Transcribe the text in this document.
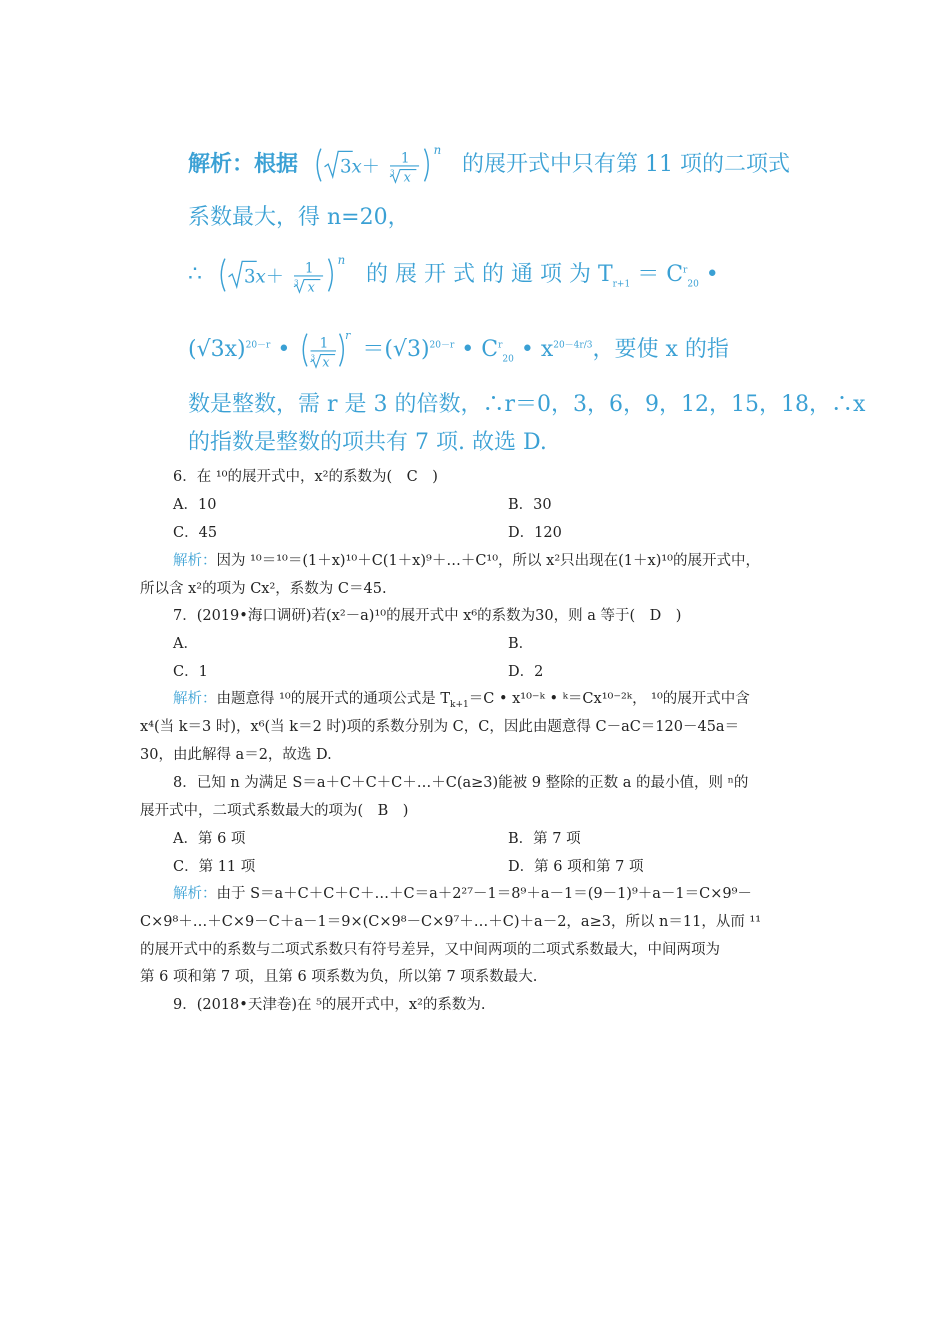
解析：根据 3x＋ 1
x
3
n
的展开式中只有第 11 项的二项式
系数最大，得 n=20，
∴ 3x＋ 1
x
3
n
的 展 开 式 的 通 项 为 $T_{r+1} = C^r_{20}$ •
$(√3x)^{20-r}$ • 1
x
3
r
$=(√3)^{20-r}$ • $C^r_{20}$ • $x^{20-4r/3}$，要使 x 的指
数是整数，需 r 是 3 的倍数，∴r＝0，3，6，9，12，15，18，∴x
的指数是整数的项共有 7 项. 故选 D.
6．在 ¹⁰的展开式中，x²的系数为(　C　)
A．10	B．30
C．45	D．120
解析：因为 ¹⁰＝¹⁰＝(1＋x)¹⁰＋C(1＋x)⁹＋…＋C¹⁰，所以 x²只出现在(1＋x)¹⁰的展开式中，
所以含 x²的项为 Cx²，系数为 C＝45.
7．(2019•海口调研)若(x²－a)¹⁰的展开式中 x⁶的系数为30，则 a 等于(　D　)
A．	B．
C．1	D．2
解析：由题意得 ¹⁰的展开式的通项公式是 $T_{k+1}=C$ • x¹⁰⁻ᵏ • ᵏ＝Cx¹⁰⁻²ᵏ， ¹⁰的展开式中含
x⁴(当 k＝3 时)，x⁶(当 k＝2 时)项的系数分别为 C，C，因此由题意得 C－aC＝120－45a＝
30，由此解得 a＝2，故选 D.
8．已知 n 为满足 S＝a＋C＋C＋C＋…＋C(a≥3)能被 9 整除的正数 a 的最小值，则 ⁿ的
展开式中，二项式系数最大的项为(　B　)
A．第 6 项	B．第 7 项
C．第 11 项	D．第 6 项和第 7 项
解析：由于 S＝a＋C＋C＋C＋…＋C＝a＋2²⁷－1＝8⁹＋a－1＝(9－1)⁹＋a－1＝C×9⁹－
C×9⁸＋…＋C×9－C＋a－1＝9×(C×9⁸－C×9⁷＋…＋C)＋a－2，a≥3，所以 n＝11，从而 ¹¹
的展开式中的系数与二项式系数只有符号差异，又中间两项的二项式系数最大，中间两项为
第 6 项和第 7 项，且第 6 项系数为负，所以第 7 项系数最大.
9．(2018•天津卷)在 ⁵的展开式中，x²的系数为.
